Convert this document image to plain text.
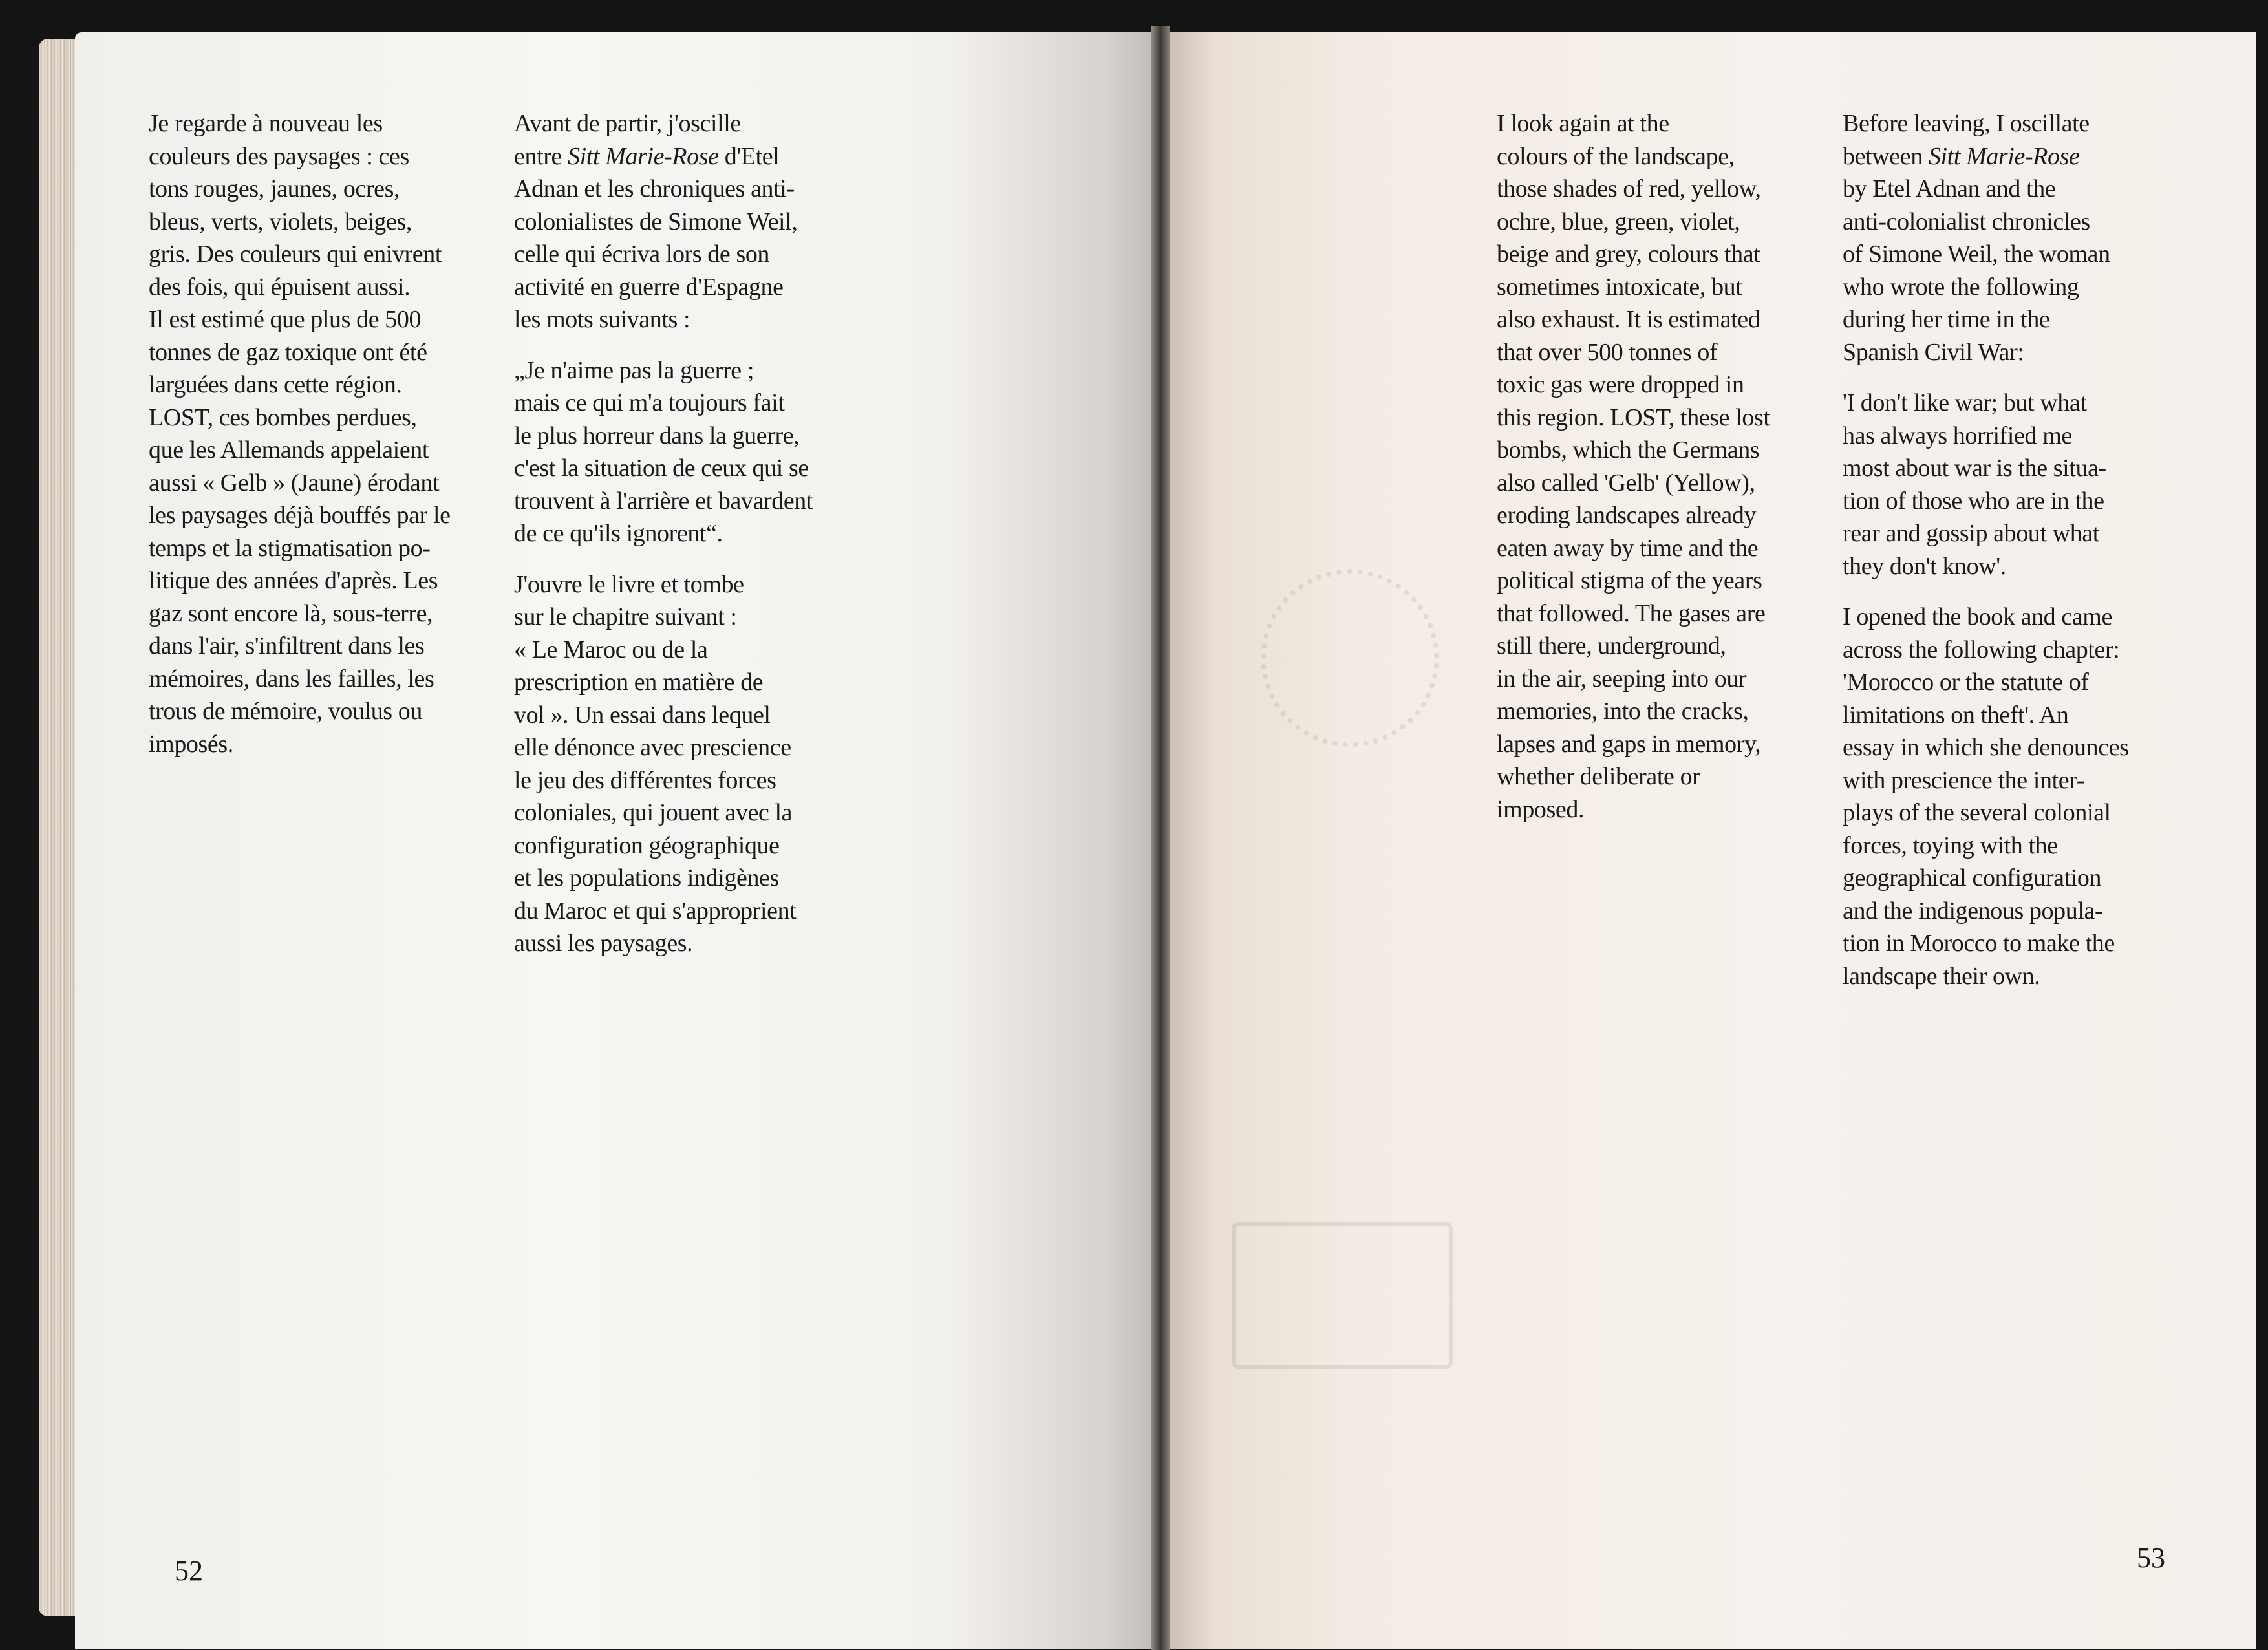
Je regarde à nouveau les
couleurs des paysages : ces
tons rouges, jaunes, ocres,
bleus, verts, violets, beiges,
gris. Des couleurs qui enivrent
des fois, qui épuisent aussi.
Il est estimé que plus de 500
tonnes de gaz toxique ont été
larguées dans cette région.
LOST, ces bombes perdues,
que les Allemands appelaient
aussi « Gelb » (Jaune) érodant
les paysages déjà bouffés par le
temps et la stigmatisation po-
litique des années d'après. Les
gaz sont encore là, sous-terre,
dans l'air, s'infiltrent dans les
mémoires, dans les failles, les
trous de mémoire, voulus ou
imposés.

Avant de partir, j'oscille
entre Sitt Marie-Rose d'Etel
Adnan et les chroniques anti-
colonialistes de Simone Weil,
celle qui écriva lors de son
activité en guerre d'Espagne
les mots suivants :

„Je n'aime pas la guerre ;
mais ce qui m'a toujours fait
le plus horreur dans la guerre,
c'est la situation de ceux qui se
trouvent à l'arrière et bavardent
de ce qu'ils ignorent“.

J'ouvre le livre et tombe
sur le chapitre suivant :
« Le Maroc ou de la
prescription en matière de
vol ». Un essai dans lequel
elle dénonce avec prescience
le jeu des différentes forces
coloniales, qui jouent avec la
configuration géographique
et les populations indigènes
du Maroc et qui s'approprient
aussi les paysages.

52

I look again at the
colours of the landscape,
those shades of red, yellow,
ochre, blue, green, violet,
beige and grey, colours that
sometimes intoxicate, but
also exhaust. It is estimated
that over 500 tonnes of
toxic gas were dropped in
this region. LOST, these lost
bombs, which the Germans
also called 'Gelb' (Yellow),
eroding landscapes already
eaten away by time and the
political stigma of the years
that followed. The gases are
still there, underground,
in the air, seeping into our
memories, into the cracks,
lapses and gaps in memory,
whether deliberate or
imposed.

Before leaving, I oscillate
between Sitt Marie-Rose
by Etel Adnan and the
anti-colonialist chronicles
of Simone Weil, the woman
who wrote the following
during her time in the
Spanish Civil War:

'I don't like war; but what
has always horrified me
most about war is the situa-
tion of those who are in the
rear and gossip about what
they don't know'.

I opened the book and came
across the following chapter:
'Morocco or the statute of
limitations on theft'. An
essay in which she denounces
with prescience the inter-
plays of the several colonial
forces, toying with the
geographical configuration
and the indigenous popula-
tion in Morocco to make the
landscape their own.

53
